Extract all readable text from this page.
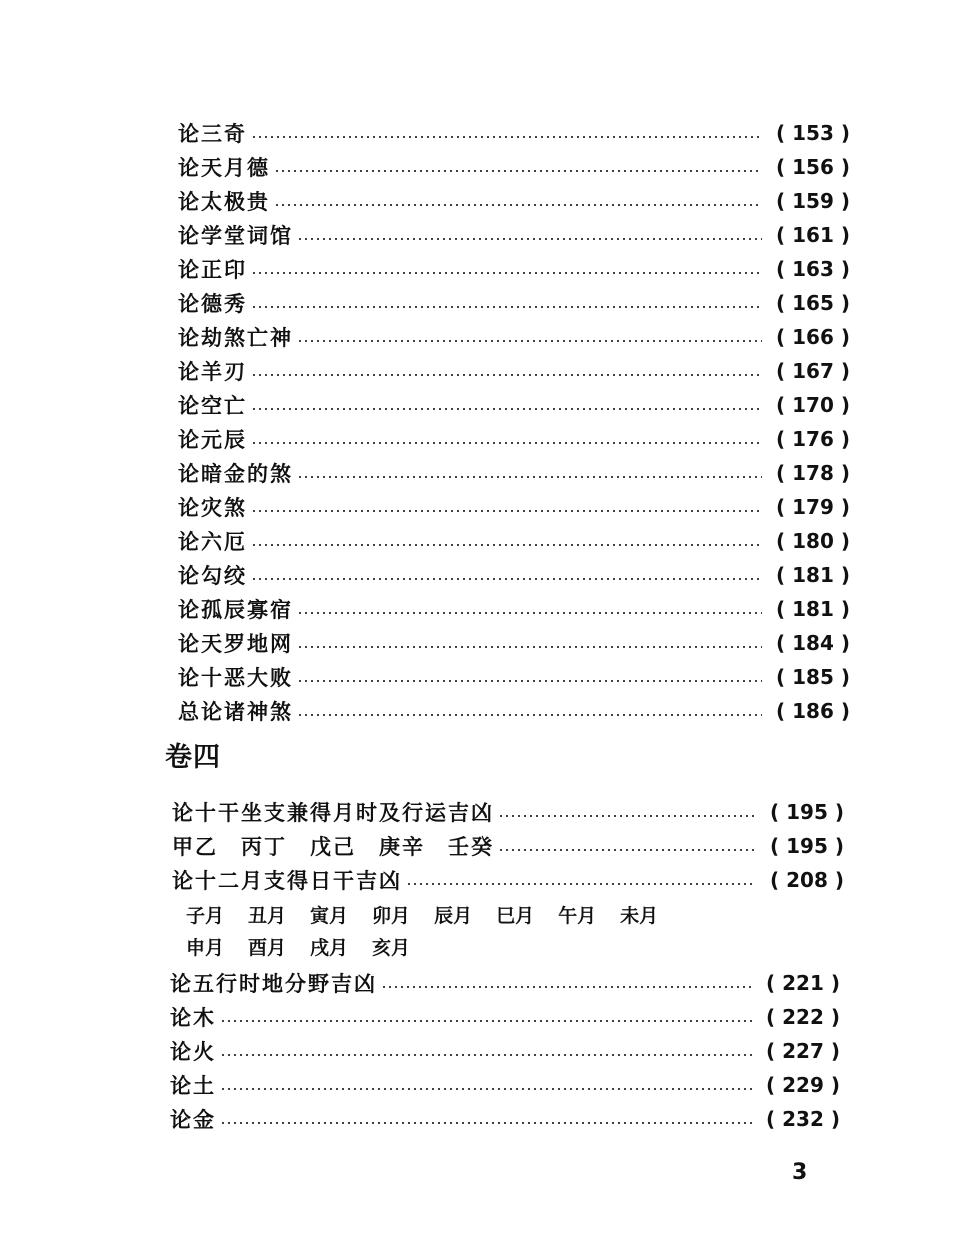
论三奇	( 153 )
论天月德	( 156 )
论太极贵	( 159 )
论学堂词馆	( 161 )
论正印	( 163 )
论德秀	( 165 )
论劫煞亡神	( 166 )
论羊刃	( 167 )
论空亡	( 170 )
论元辰	( 176 )
论暗金的煞	( 178 )
论灾煞	( 179 )
论六厄	( 180 )
论勾绞	( 181 )
论孤辰寡宿	( 181 )
论天罗地网	( 184 )
论十恶大败	( 185 )
总论诸神煞	( 186 )
卷四
论十干坐支兼得月时及行运吉凶	( 195 )
甲乙　丙丁　戊己　庚辛　壬癸	( 195 )
论十二月支得日干吉凶	( 208 )
子月 丑月 寅月 卯月 辰月 巳月 午月 未月
申月 酉月 戌月 亥月
论五行时地分野吉凶	( 221 )
论木	( 222 )
论火	( 227 )
论土	( 229 )
论金	( 232 )
3
